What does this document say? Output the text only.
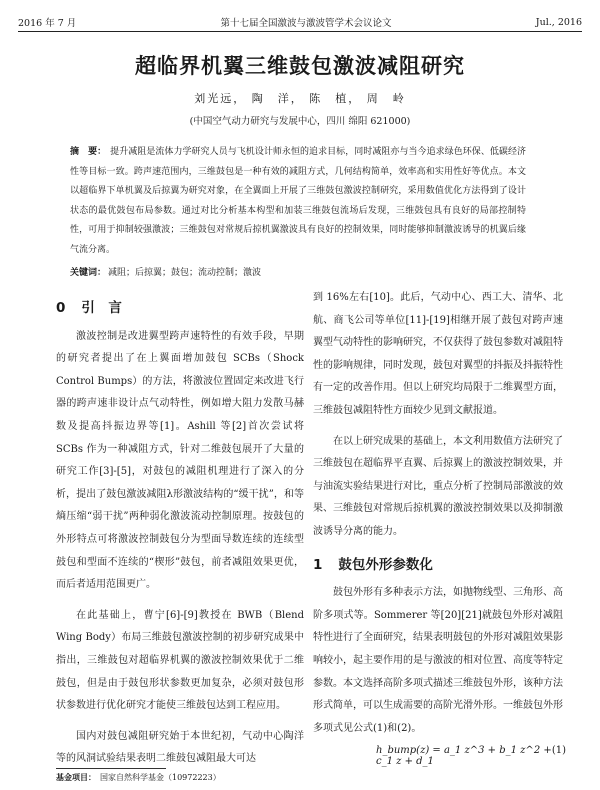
2016 年 7 月	第十七届全国激波与激波管学术会议论文	Jul., 2016
超临界机翼三维鼓包激波减阻研究
刘光远， 陶　洋， 陈　植， 周　岭
(中国空气动力研究与发展中心，四川 绵阳 621000)
摘　要： 提升减阻是流体力学研究人员与飞机设计师永恒的追求目标，同时减阻亦与当今追求绿色环保、低碳经济性等目标一致。跨声速范围内，三维鼓包是一种有效的减阻方式，几何结构简单，效率高和实用性好等优点。本文以超临界下单机翼及后掠翼为研究对象，在全翼面上开展了三维鼓包激波控制研究，采用数值优化方法得到了设计状态的最优鼓包布局参数。通过对比分析基本构型和加装三维鼓包流场后发现，三维鼓包具有良好的局部控制特性，可用于抑制较强激波；三维鼓包对常规后掠机翼激波具有良好的控制效果，同时能够抑制激波诱导的机翼后缘气流分离。
关键词： 减阻；后掠翼；鼓包；流动控制；激波
0 引　言

激波控制是改进翼型跨声速特性的有效手段，早期的研究者提出了在上翼面增加鼓包 SCBs（Shock Control Bumps）的方法，将激波位置固定来改进飞行器的跨声速非设计点气动特性，例如增大阻力发散马赫数及提高抖振边界等[1]。Ashill 等[2]首次尝试将 SCBs 作为一种减阻方式，针对二维鼓包展开了大量的研究工作[3]-[5]，对鼓包的减阻机理进行了深入的分析，提出了鼓包激波减阻λ形激波结构的“缓干扰”，和等熵压缩“弱干扰”两种弱化激波流动控制原理。按鼓包的外形特点可将激波控制鼓包分为型面导数连续的连续型鼓包和型面不连续的“楔形”鼓包，前者减阻效果更优，而后者适用范围更广。

在此基础上，曹宁[6]-[9]教授在 BWB（Blend Wing Body）布局三维鼓包激波控制的初步研究成果中指出，三维鼓包对超临界机翼的激波控制效果优于二维鼓包，但是由于鼓包形状参数更加复杂，必须对鼓包形状参数进行优化研究才能使三维鼓包达到工程应用。

国内对鼓包减阻研究始于本世纪初，气动中心陶洋等的风洞试验结果表明二维鼓包减阻最大可达

到 16%左右[10]。此后，气动中心、西工大、清华、北航、商飞公司等单位[11]-[19]相继开展了鼓包对跨声速翼型气动特性的影响研究，不仅获得了鼓包参数对减阻特性的影响规律，同时发现，鼓包对翼型的抖振及抖振特性有一定的改善作用。但以上研究均局限于二维翼型方面，三维鼓包减阻特性方面较少见到文献报道。

在以上研究成果的基础上，本文利用数值方法研究了三维鼓包在超临界平直翼、后掠翼上的激波控制效果，并与油流实验结果进行对比，重点分析了控制局部激波的效果、三维鼓包对常规后掠机翼的激波控制效果以及抑制激波诱导分离的能力。

1 鼓包外形参数化

鼓包外形有多种表示方法，如抛物线型、三角形、高阶多项式等。Sommerer 等[20][21]就鼓包外形对减阻特性进行了全面研究，结果表明鼓包的外形对减阻效果影响较小，起主要作用的是与激波的相对位置、高度等特定参数。本文选择高阶多项式描述三维鼓包外形，该种方法形式简单，可以生成需要的高阶光滑外形。一维鼓包外形多项式见公式(1)和(2)。

h_bump(z) = a_1 z^3 + b_1 z^2 + c_1 z + d_1
(1)
基金项目： 国家自然科学基金（10972223）
